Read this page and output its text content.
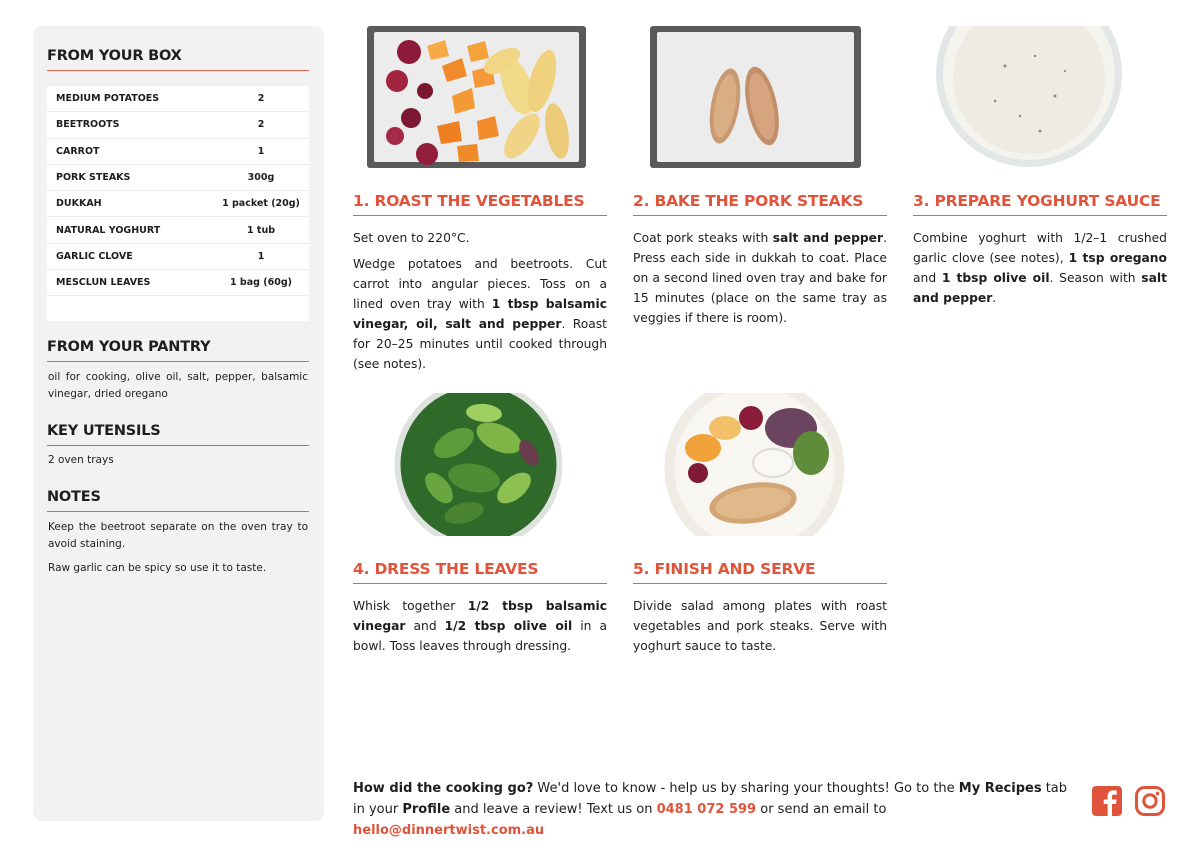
FROM YOUR BOX
MEDIUM POTATOES	2
BEETROOTS	2
CARROT	1
PORK STEAKS	300g
DUKKAH	1 packet (20g)
NATURAL YOGHURT	1 tub
GARLIC CLOVE	1
MESCLUN LEAVES	1 bag (60g)
FROM YOUR PANTRY
oil for cooking, olive oil, salt, pepper, balsamic vinegar, dried oregano
KEY UTENSILS
2 oven trays
NOTES
Keep the beetroot separate on the oven tray to avoid staining.
Raw garlic can be spicy so use it to taste.
1. ROAST THE VEGETABLES

Set oven to 220°C.

Wedge potatoes and beetroots. Cut carrot into angular pieces. Toss on a lined oven tray with 1 tbsp balsamic vinegar, oil, salt and pepper. Roast for 20–25 minutes until cooked through (see notes).

2. BAKE THE PORK STEAKS

Coat pork steaks with salt and pepper. Press each side in dukkah to coat. Place on a second lined oven tray and bake for 15 minutes (place on the same tray as veggies if there is room).

3. PREPARE YOGHURT SAUCE

Combine yoghurt with 1/2–1 crushed garlic clove (see notes), 1 tsp oregano and 1 tbsp olive oil. Season with salt and pepper.

4. DRESS THE LEAVES

Whisk together 1/2 tbsp balsamic vinegar and 1/2 tbsp olive oil in a bowl. Toss leaves through dressing.

5. FINISH AND SERVE

Divide salad among plates with roast vegetables and pork steaks. Serve with yoghurt sauce to taste.

How did the cooking go? We'd love to know - help us by sharing your thoughts! Go to the My Recipes tab in your Profile and leave a review! Text us on 0481 072 599 or send an email to hello@dinnertwist.com.au
